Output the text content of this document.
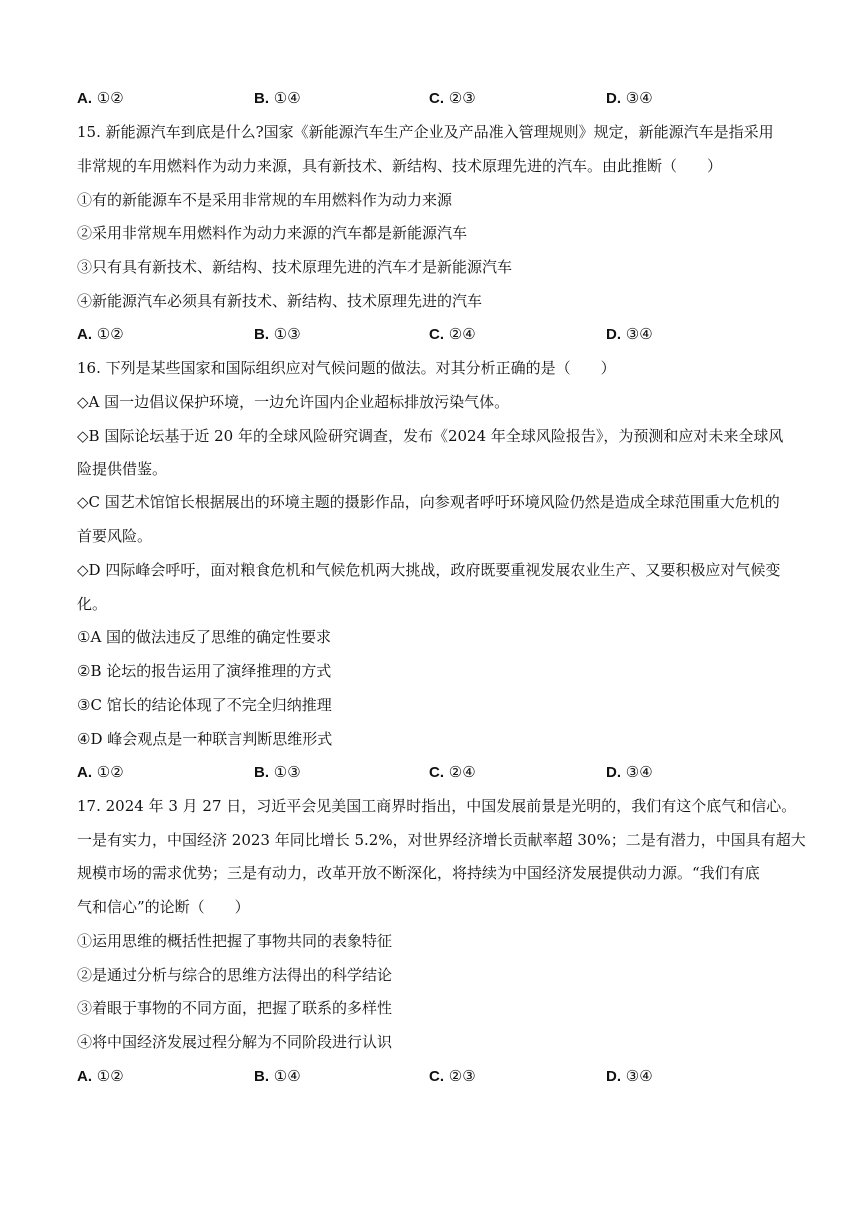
A. ①②	B. ①④	C. ②③	D. ③④
15. 新能源汽车到底是什么?国家《新能源汽车生产企业及产品准入管理规则》规定，新能源汽车是指采用
非常规的车用燃料作为动力来源，具有新技术、新结构、技术原理先进的汽车。由此推断（　　）
①有的新能源车不是采用非常规的车用燃料作为动力来源
②采用非常规车用燃料作为动力来源的汽车都是新能源汽车
③只有具有新技术、新结构、技术原理先进的汽车才是新能源汽车
④新能源汽车必须具有新技术、新结构、技术原理先进的汽车
A. ①②	B. ①③	C. ②④	D. ③④
16. 下列是某些国家和国际组织应对气候问题的做法。对其分析正确的是（　　）
◇A 国一边倡议保护环境，一边允许国内企业超标排放污染气体。
◇B 国际论坛基于近 20 年的全球风险研究调查，发布《2024 年全球风险报告》，为预测和应对未来全球风
险提供借鉴。
◇C 国艺术馆馆长根据展出的环境主题的摄影作品，向参观者呼吁环境风险仍然是造成全球范围重大危机的
首要风险。
◇D 四际峰会呼吁，面对粮食危机和气候危机两大挑战，政府既要重视发展农业生产、又要积极应对气候变
化。
①A 国的做法违反了思维的确定性要求
②B 论坛的报告运用了演绎推理的方式
③C 馆长的结论体现了不完全归纳推理
④D 峰会观点是一种联言判断思维形式
A. ①②	B. ①③	C. ②④	D. ③④
17. 2024 年 3 月 27 日，习近平会见美国工商界时指出，中国发展前景是光明的，我们有这个底气和信心。
一是有实力，中国经济 2023 年同比增长 5.2%，对世界经济增长贡献率超 30%；二是有潜力，中国具有超大
规模市场的需求优势；三是有动力，改革开放不断深化，将持续为中国经济发展提供动力源。“我们有底
气和信心”的论断（　　）
①运用思维的概括性把握了事物共同的表象特征
②是通过分析与综合的思维方法得出的科学结论
③着眼于事物的不同方面，把握了联系的多样性
④将中国经济发展过程分解为不同阶段进行认识
A. ①②	B. ①④	C. ②③	D. ③④
